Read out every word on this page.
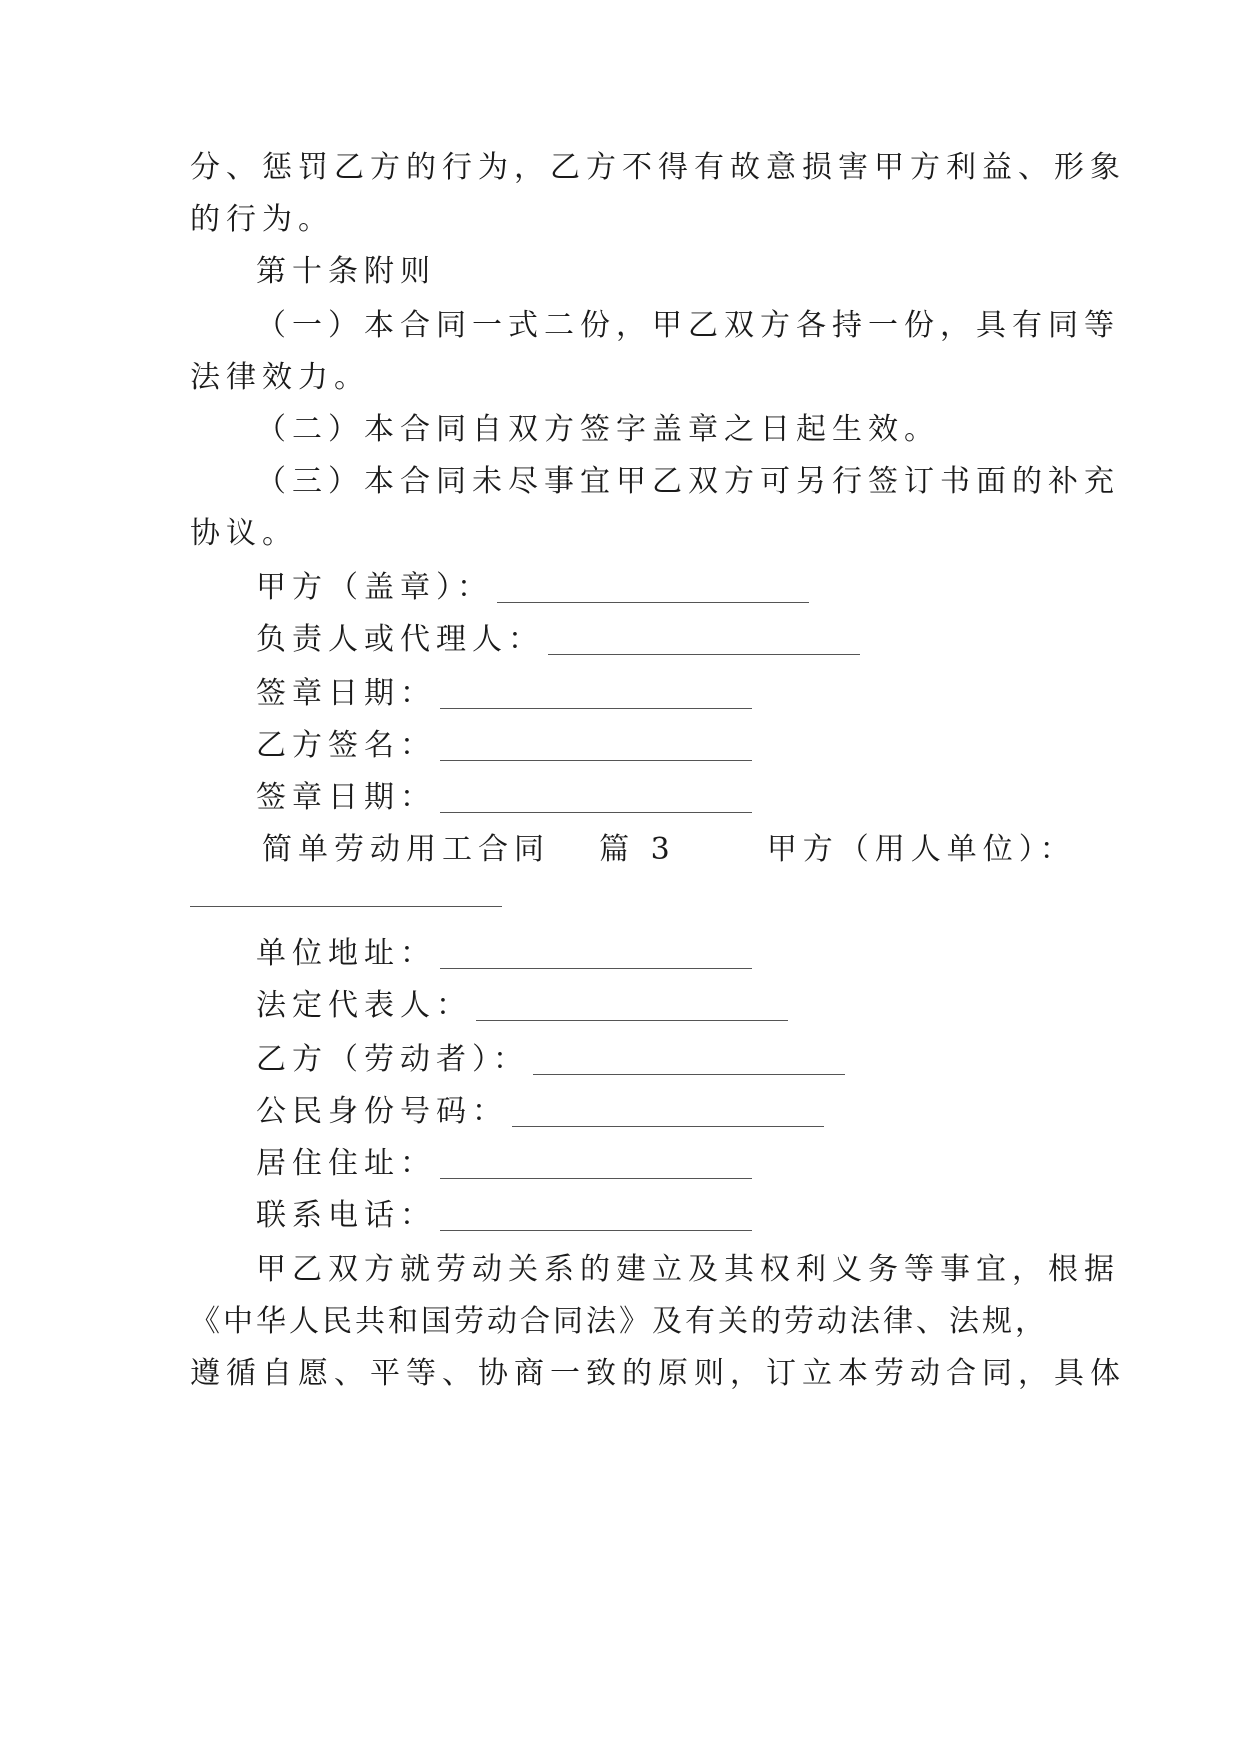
分、惩罚乙方的行为，乙方不得有故意损害甲方利益、形象
的行为。
第十条附则
（一）本合同一式二份，甲乙双方各持一份，具有同等
法律效力。
（二）本合同自双方签字盖章之日起生效。
（三）本合同未尽事宜甲乙双方可另行签订书面的补充
协议。
甲方（盖章）：
负责人或代理人：
签章日期：
乙方签名：
签章日期：
简单劳动用工合同 篇 3	甲方（用人单位）：
单位地址：
法定代表人：
乙方（劳动者）：
公民身份号码：
居住住址：
联系电话：
甲乙双方就劳动关系的建立及其权利义务等事宜，根据
《中华人民共和国劳动合同法》及有关的劳动法律、法规，
遵循自愿、平等、协商一致的原则，订立本劳动合同，具体
